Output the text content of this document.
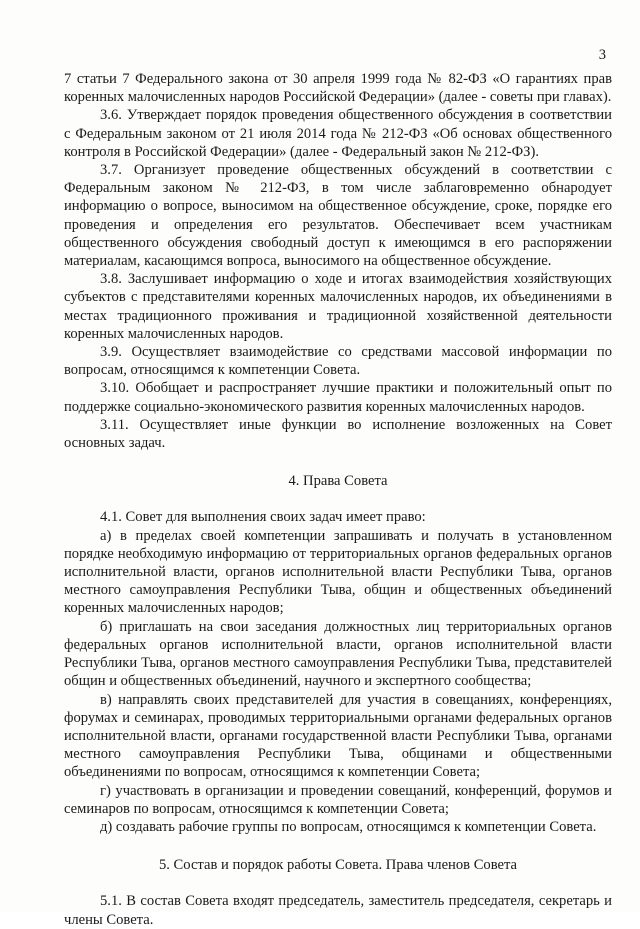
3

7 статьи 7 Федерального закона от 30 апреля 1999 года № 82-ФЗ «О гарантиях прав коренных малочисленных народов Российской Федерации» (далее - советы при главах).

3.6. Утверждает порядок проведения общественного обсуждения в соответствии с Федеральным законом от 21 июля 2014 года № 212-ФЗ «Об основах общественного контроля в Российской Федерации» (далее - Федеральный закон № 212-ФЗ).

3.7. Организует проведение общественных обсуждений в соответствии с Федеральным законом № 212-ФЗ, в том числе заблаговременно обнародует информацию о вопросе, выносимом на общественное обсуждение, сроке, порядке его проведения и определения его результатов. Обеспечивает всем участникам общественного обсуждения свободный доступ к имеющимся в его распоряжении материалам, касающимся вопроса, выносимого на общественное обсуждение.

3.8. Заслушивает информацию о ходе и итогах взаимодействия хозяйствующих субъектов с представителями коренных малочисленных народов, их объединениями в местах традиционного проживания и традиционной хозяйственной деятельности коренных малочисленных народов.

3.9. Осуществляет взаимодействие со средствами массовой информации по вопросам, относящимся к компетенции Совета.

3.10. Обобщает и распространяет лучшие практики и положительный опыт по поддержке социально-экономического развития коренных малочисленных народов.

3.11. Осуществляет иные функции во исполнение возложенных на Совет основных задач.

4. Права Совета

4.1. Совет для выполнения своих задач имеет право:

а) в пределах своей компетенции запрашивать и получать в установленном порядке необходимую информацию от территориальных органов федеральных органов исполнительной власти, органов исполнительной власти Республики Тыва, органов местного самоуправления Республики Тыва, общин и общественных объединений коренных малочисленных народов;

б) приглашать на свои заседания должностных лиц территориальных органов федеральных органов исполнительной власти, органов исполнительной власти Республики Тыва, органов местного самоуправления Республики Тыва, представителей общин и общественных объединений, научного и экспертного сообщества;

в) направлять своих представителей для участия в совещаниях, конференциях, форумах и семинарах, проводимых территориальными органами федеральных органов исполнительной власти, органами государственной власти Республики Тыва, органами местного самоуправления Республики Тыва, общинами и общественными объединениями по вопросам, относящимся к компетенции Совета;

г) участвовать в организации и проведении совещаний, конференций, форумов и семинаров по вопросам, относящимся к компетенции Совета;

д) создавать рабочие группы по вопросам, относящимся к компетенции Совета.

5. Состав и порядок работы Совета. Права членов Совета

5.1. В состав Совета входят председатель, заместитель председателя, секретарь и члены Совета.
